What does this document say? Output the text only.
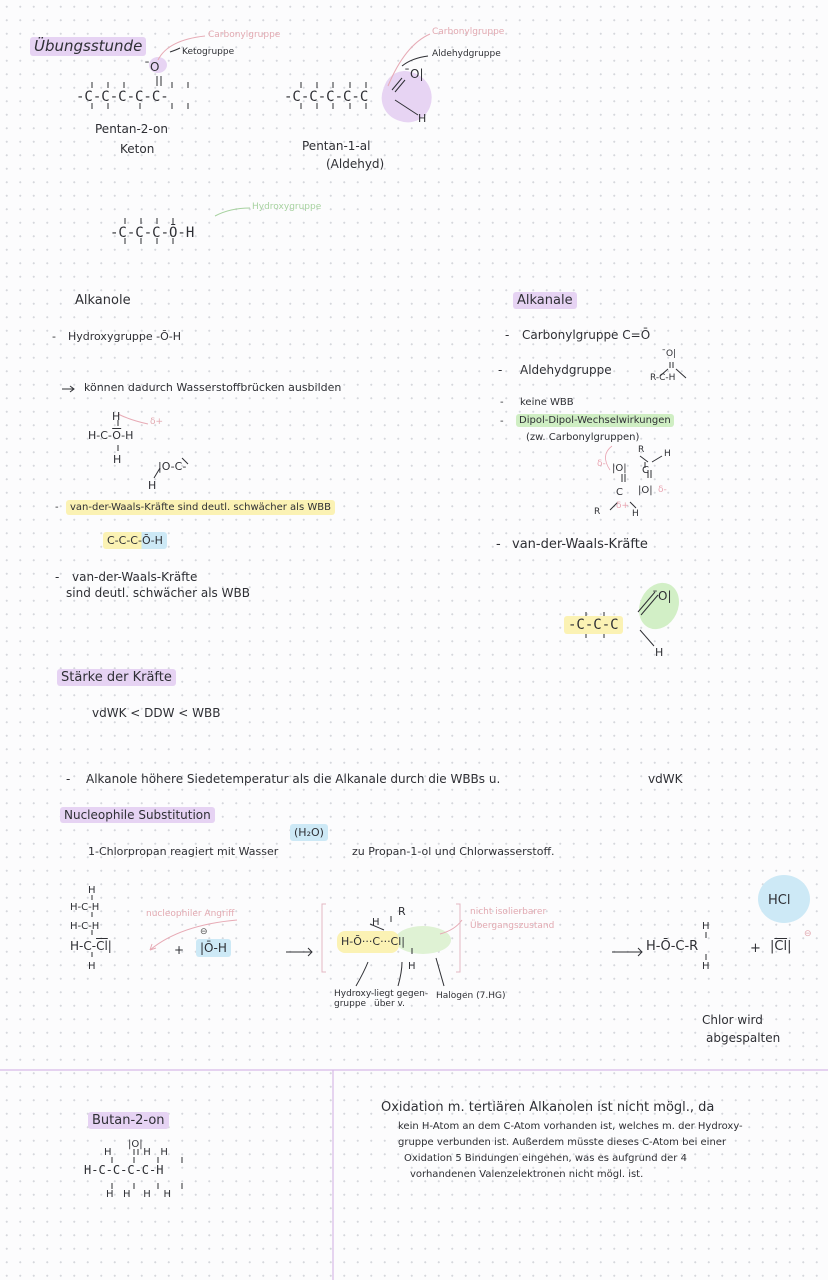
Übungsstunde
Carbonylgruppe
Ketogruppe
̄O
-C-C-C-C-C-
Pentan-2-on
Keton
Carbonylgruppe
Aldehydgruppe
̄O|
-C-C-C-C-C
H
Pentan-1-al
(Aldehyd)
-C-C-C-Ō-H
Hydroxygruppe
Alkanole
- Hydroxygruppe -Ō-H
können dadurch Wasserstoffbrücken ausbilden
H
$H-C-\overline{O}-H$
δ+
H
|O-C-
H
-	van-der-Waals-Kräfte sind deutl. schwächer als WBB
C-C-C-Ō-H
- van-der-Waals-Kräfte
sind deutl. schwächer als WBB
Alkanale
- Carbonylgruppe C=Ō
- Aldehydgruppe
̄O|
R-C-H
- keine WBB
-	Dipol-Dipol-Wechselwirkungen
(zw. Carbonylgruppen)
R H
δ- |O| C
C |O| δ-
R
δ+
H
- van-der-Waals-Kräfte
̄O|
-C-C-C
H
Stärke der Kräfte
vdWK < DDW < WBB
- Alkanole höhere Siedetemperatur als die Alkanale durch die WBBs u.	vdWK
Nucleophile Substitution
(H₂O)
1-Chlorpropan reagiert mit Wasser	zu Propan-1-ol und Chlorwasserstoff.
H
H-C-H
H-C-H
$H-C-\overline{Cl}|$
H
nucleophiler Angriff
+	|Ō-H
⊖
R
H
H-Ō···C···Cl|
H
nicht isolierbarer
Übergangszustand
Hydroxy-
gruppe
liegt gegen-
über v.
Halogen (7.HG)
H
H-Ō-C-R
H
+ $|\overline{Cl}|$
⊖
HCl
Chlor wird
abgespalten
Butan-2-on
|O|
H          H   H
H-C-C-C-C-H
H   H    H    H
Oxidation m. tertiären Alkanolen ist nicht mögl., da
kein H-Atom an dem C-Atom vorhanden ist, welches m. der Hydroxy-
gruppe verbunden ist. Außerdem müsste dieses C-Atom bei einer
Oxidation 5 Bindungen eingehen, was es aufgrund der 4
vorhandenen Valenzelektronen nicht mögl. ist.
